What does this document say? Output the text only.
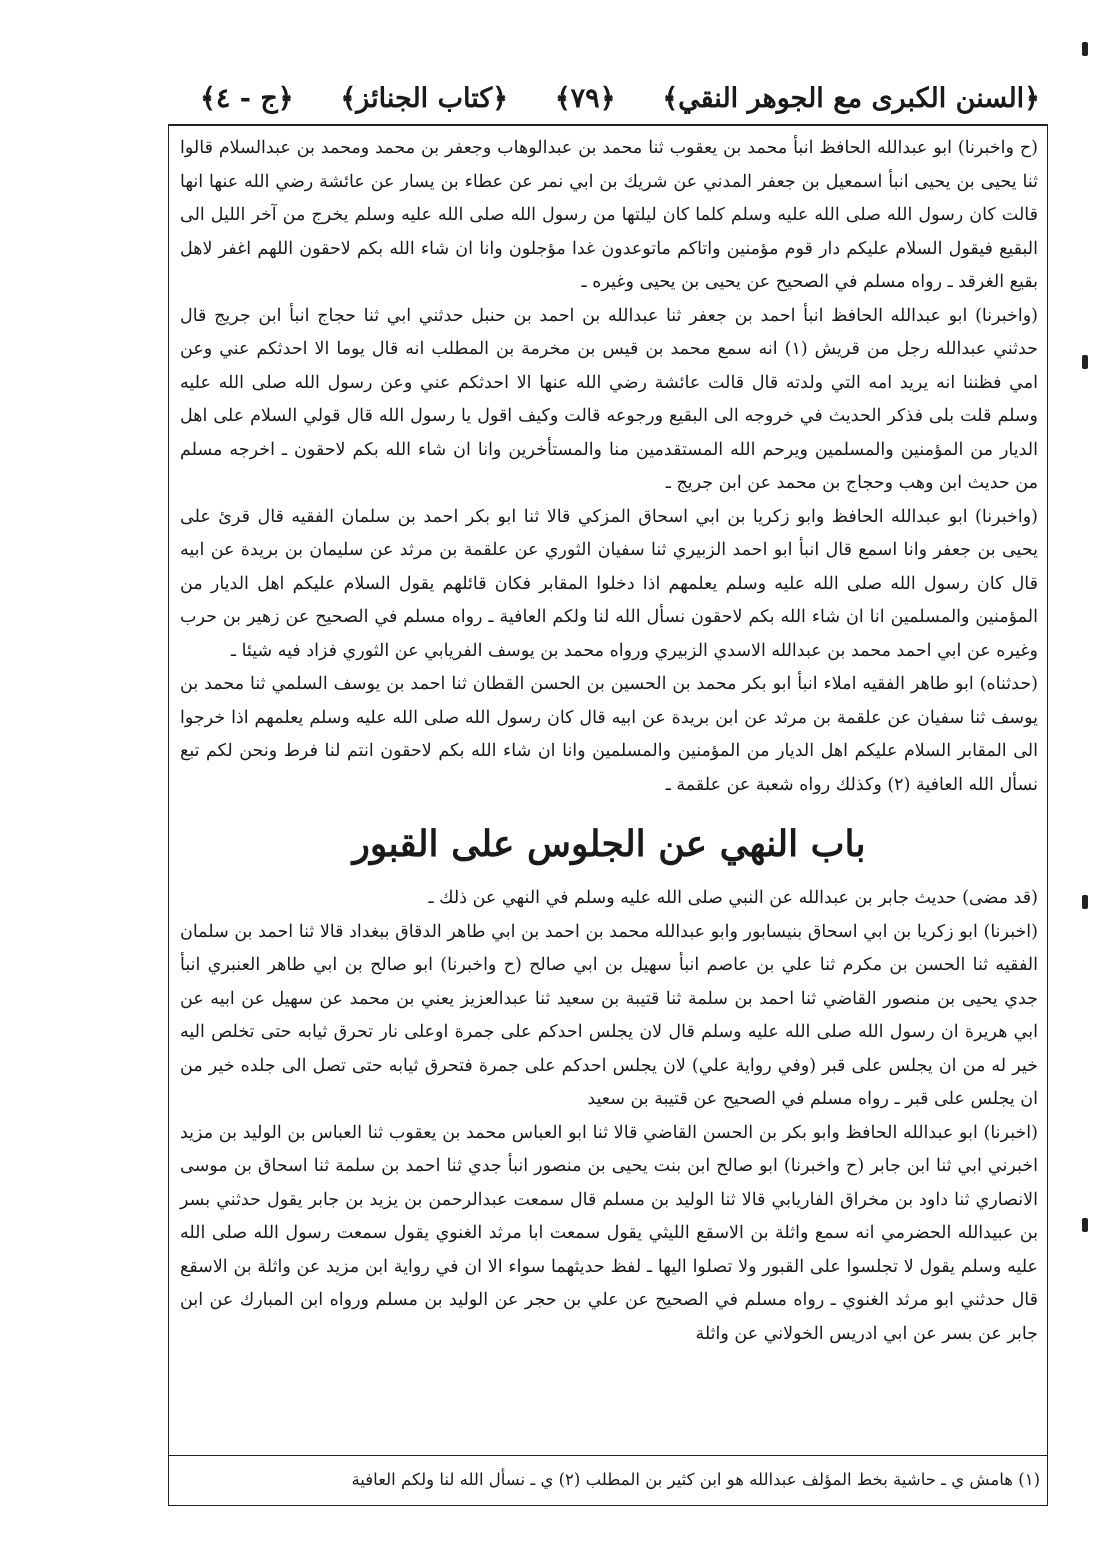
﴿السنن الكبرى مع الجوهر النقي﴾
﴿٧٩﴾
﴿كتاب الجنائز﴾
﴿ج - ٤﴾

(ح واخبرنا) ابو عبدالله الحافظ انبأ محمد بن يعقوب ثنا محمد بن عبدالوهاب وجعفر بن محمد ومحمد بن عبدالسلام قالوا ثنا يحيى بن يحيى انبأ اسمعيل بن جعفر المدني عن شريك بن ابي نمر عن عطاء بن يسار عن عائشة رضي الله عنها انها قالت كان رسول الله صلى الله عليه وسلم كلما كان ليلتها من رسول الله صلى الله عليه وسلم يخرج من آخر الليل الى البقيع فيقول السلام عليكم دار قوم مؤمنين واتاكم ماتوعدون غدا مؤجلون وانا ان شاء الله بكم لاحقون اللهم اغفر لاهل بقيع الغرقد ـ رواه مسلم في الصحيح عن يحيى بن يحيى وغيره ـ

(واخبرنا) ابو عبدالله الحافظ انبأ احمد بن جعفر ثنا عبدالله بن احمد بن حنبل حدثني ابي ثنا حجاج انبأ ابن جريج قال حدثني عبدالله رجل من قريش (١) انه سمع محمد بن قيس بن مخرمة بن المطلب انه قال يوما الا احدثكم عني وعن امي فظننا انه يريد امه التي ولدته قال قالت عائشة رضي الله عنها الا احدثكم عني وعن رسول الله صلى الله عليه وسلم قلت بلى فذكر الحديث في خروجه الى البقيع ورجوعه قالت وكيف اقول يا رسول الله قال قولي السلام على اهل الديار من المؤمنين والمسلمين ويرحم الله المستقدمين منا والمستأخرين وانا ان شاء الله بكم لاحقون ـ اخرجه مسلم من حديث ابن وهب وحجاج بن محمد عن ابن جريج ـ

(واخبرنا) ابو عبدالله الحافظ وابو زكريا بن ابي اسحاق المزكي قالا ثنا ابو بكر احمد بن سلمان الفقيه قال قرئ على يحيى بن جعفر وانا اسمع قال انبأ ابو احمد الزبيري ثنا سفيان الثوري عن علقمة بن مرثد عن سليمان بن بريدة عن ابيه قال كان رسول الله صلى الله عليه وسلم يعلمهم اذا دخلوا المقابر فكان قائلهم يقول السلام عليكم اهل الديار من المؤمنين والمسلمين انا ان شاء الله بكم لاحقون نسأل الله لنا ولكم العافية ـ رواه مسلم في الصحيح عن زهير بن حرب وغيره عن ابي احمد محمد بن عبدالله الاسدي الزبيري ورواه محمد بن يوسف الفريابي عن الثوري فزاد فيه شيئا ـ

(حدثناه) ابو طاهر الفقيه املاء انبأ ابو بكر محمد بن الحسين بن الحسن القطان ثنا احمد بن يوسف السلمي ثنا محمد بن يوسف ثنا سفيان عن علقمة بن مرثد عن ابن بريدة عن ابيه قال كان رسول الله صلى الله عليه وسلم يعلمهم اذا خرجوا الى المقابر السلام عليكم اهل الديار من المؤمنين والمسلمين وانا ان شاء الله بكم لاحقون انتم لنا فرط ونحن لكم تبع نسأل الله العافية (٢) وكذلك رواه شعبة عن علقمة ـ

باب النهي عن الجلوس على القبور

(قد مضى) حديث جابر بن عبدالله عن النبي صلى الله عليه وسلم في النهي عن ذلك ـ

(اخبرنا) ابو زكريا بن ابي اسحاق بنيسابور وابو عبدالله محمد بن احمد بن ابي طاهر الدقاق ببغداد قالا ثنا احمد بن سلمان الفقيه ثنا الحسن بن مكرم ثنا علي بن عاصم انبأ سهيل بن ابي صالح (ح واخبرنا) ابو صالح بن ابي طاهر العنبري انبأ جدي يحيى بن منصور القاضي ثنا احمد بن سلمة ثنا قتيبة بن سعيد ثنا عبدالعزيز يعني بن محمد عن سهيل عن ابيه عن ابي هريرة ان رسول الله صلى الله عليه وسلم قال لان يجلس احدكم على جمرة اوعلى نار تحرق ثيابه حتى تخلص اليه خير له من ان يجلس على قبر (وفي رواية علي) لان يجلس احدكم على جمرة فتحرق ثيابه حتى تصل الى جلده خير من ان يجلس على قبر ـ رواه مسلم في الصحيح عن قتيبة بن سعيد

(اخبرنا) ابو عبدالله الحافظ وابو بكر بن الحسن القاضي قالا ثنا ابو العباس محمد بن يعقوب ثنا العباس بن الوليد بن مزيد اخبرني ابي ثنا ابن جابر (ح واخبرنا) ابو صالح ابن بنت يحيى بن منصور انبأ جدي ثنا احمد بن سلمة ثنا اسحاق بن موسى الانصاري ثنا داود بن مخراق الفاريابي قالا ثنا الوليد بن مسلم قال سمعت عبدالرحمن بن يزيد بن جابر يقول حدثني بسر بن عبيدالله الحضرمي انه سمع واثلة بن الاسقع الليثي يقول سمعت ابا مرثد الغنوي يقول سمعت رسول الله صلى الله عليه وسلم يقول لا تجلسوا على القبور ولا تصلوا اليها ـ لفظ حديثهما سواء الا ان في رواية ابن مزيد عن واثلة بن الاسقع قال حدثني ابو مرثد الغنوي ـ رواه مسلم في الصحيح عن علي بن حجر عن الوليد بن مسلم ورواه ابن المبارك عن ابن جابر عن بسر عن ابي ادريس الخولاني عن واثلة

(١) هامش ي ـ حاشية بخط المؤلف عبدالله هو ابن كثير بن المطلب (٢) ي ـ نسأل الله لنا ولكم العافية
